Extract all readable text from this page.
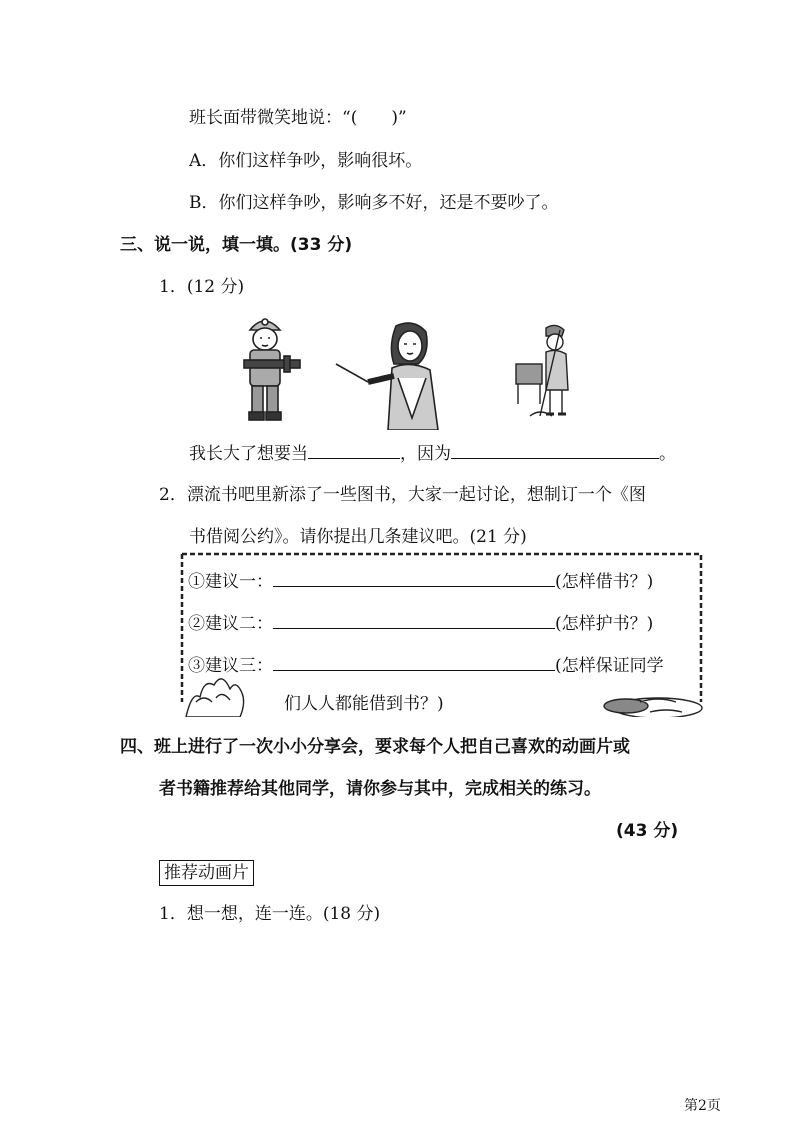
班长面带微笑地说：“(　　)”
A．你们这样争吵，影响很坏。
B．你们这样争吵，影响多不好，还是不要吵了。
三、说一说，填一填。(33 分)
1．(12 分)
我长大了想要当	，因为	。
2．漂流书吧里新添了一些图书，大家一起讨论，想制订一个《图
书借阅公约》。请你提出几条建议吧。(21 分)
①建议一：	(怎样借书？)
②建议二：	(怎样护书？)
③建议三：	(怎样保证同学
们人人都能借到书？)
四、班上进行了一次小小分享会，要求每个人把自己喜欢的动画片或
者书籍推荐给其他同学，请你参与其中，完成相关的练习。
(43 分)
推荐动画片
1．想一想，连一连。(18 分)
第2页
